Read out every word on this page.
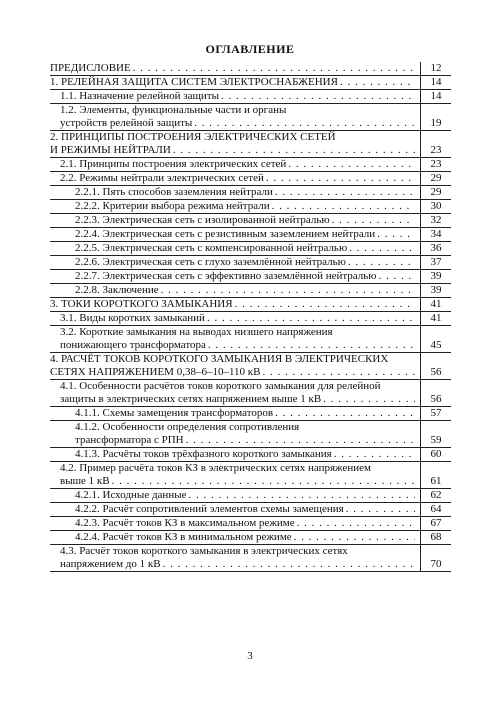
ОГЛАВЛЕНИЕ
ПРЕДИСЛОВИЕ . . .	12
1. РЕЛЕЙНАЯ ЗАЩИТА СИСТЕМ ЭЛЕКТРОСНАБЖЕНИЯ . . .	14
1.1. Назначение релейной защиты . . .	14
1.2. Элементы, функциональные части и органы
устройств релейной защиты . . .	19
2. ПРИНЦИПЫ ПОСТРОЕНИЯ ЭЛЕКТРИЧЕСКИХ СЕТЕЙ
И РЕЖИМЫ НЕЙТРАЛИ . . .	23
2.1. Принципы построения электрических сетей . . .	23
2.2. Режимы нейтрали электрических сетей . . .	29
2.2.1. Пять способов заземления нейтрали . . .	29
2.2.2. Критерии выбора режима нейтрали . . .	30
2.2.3. Электрическая сеть с изолированной нейтралью . . .	32
2.2.4. Электрическая сеть с резистивным заземлением нейтрали . . .	34
2.2.5. Электрическая сеть с компенсированной нейтралью . . .	36
2.2.6. Электрическая сеть с глухо заземлённой нейтралью . . .	37
2.2.7. Электрическая сеть с эффективно заземлённой нейтралью . . .	39
2.2.8. Заключение . . .	39
3. ТОКИ КОРОТКОГО ЗАМЫКАНИЯ . . .	41
3.1. Виды коротких замыканий . . .	41
3.2. Короткие замыкания на выводах низшего напряжения
понижающего трансформатора . . .	45
4. РАСЧЁТ ТОКОВ КОРОТКОГО ЗАМЫКАНИЯ В ЭЛЕКТРИЧЕСКИХ
СЕТЯХ НАПРЯЖЕНИЕМ 0,38–6–10–110 кВ . . .	56
4.1. Особенности расчётов токов короткого замыкания для релейной
защиты в электрических сетях напряжением выше 1 кВ . . .	56
4.1.1. Схемы замещения трансформаторов . . .	57
4.1.2. Особенности определения сопротивления
трансформатора с РПН . . .	59
4.1.3. Расчёты токов трёхфазного короткого замыкания . . .	60
4.2. Пример расчёта токов КЗ в электрических сетях напряжением
выше 1 кВ . . .	61
4.2.1. Исходные данные . . .	62
4.2.2. Расчёт сопротивлений элементов схемы замещения . . .	64
4.2.3. Расчёт токов КЗ в максимальном режиме . . .	67
4.2.4. Расчёт токов КЗ в минимальном режиме . . .	68
4.3. Расчёт токов короткого замыкания в электрических сетях
напряжением до 1 кВ . . .	70
3
